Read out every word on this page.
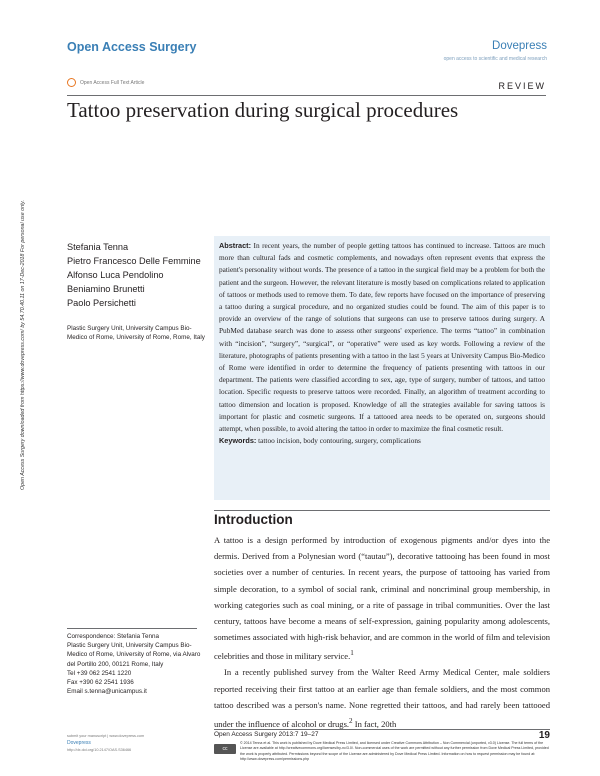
Open Access Surgery	Dovepress
open access to scientific and medical research
Open Access Full Text Article	REVIEW
Tattoo preservation during surgical procedures
Open Access Surgery downloaded from https://www.dovepress.com/ by 54.70.40.11 on 17-Dec-2018 For personal use only.	Stefania Tenna
Pietro Francesco Delle Femmine
Alfonso Luca Pendolino
Beniamino Brunetti
Paolo Persichetti
Plastic Surgery Unit, University Campus Bio-Medico of Rome, University of Rome, Rome, Italy
Abstract: In recent years, the number of people getting tattoos has continued to increase. Tattoos are much more than cultural fads and cosmetic complements, and nowadays often represent events that express the patient's personality without words. The presence of a tattoo in the surgical field may be a problem for both the patient and the surgeon. However, the relevant literature is mostly based on complications related to application of tattoos or methods used to remove them. To date, few reports have focused on the importance of preserving a tattoo during a surgical procedure, and no organized studies could be found. The aim of this paper is to provide an overview of the range of solutions that surgeons can use to preserve tattoos during surgery. A PubMed database search was done to assess other surgeons' experience. The terms “tattoo” in combination with “incision”, “surgery”, “surgical”, or “operative” were used as key words. Following a review of the literature, photographs of patients presenting with a tattoo in the last 5 years at University Campus Bio-Medico of Rome were identified in order to determine the frequency of patients presenting with tattoos in our department. The patients were classified according to sex, age, type of surgery, number of tattoos, and tattoo location. Specific requests to preserve tattoos were recorded. Finally, an algorithm of treatment according to tattoo dimension and location is proposed. Knowledge of all the strategies available for saving tattoos is important for plastic and cosmetic surgeons. If a tattooed area needs to be operated on, surgeons should attempt, when possible, to avoid altering the tattoo in order to maximize the final cosmetic result.
Keywords: tattoo incision, body contouring, surgery, complications
Introduction

A tattoo is a design performed by introduction of exogenous pigments and/or dyes into the dermis. Derived from a Polynesian word (“tautau”), decorative tattooing has been found in most societies over a number of centuries. In recent years, the purpose of tattooing has varied from simple decoration, to a symbol of social rank, criminal and noncriminal group membership, in working categories such as coal mining, or a rite of passage in tribal communities. Over the last century, tattoos have become a means of self-expression, gaining popularity among adolescents, sometimes associated with high-risk behavior, and are common in the world of film and television celebrities and those in military service.$^1$

In a recently published survey from the Walter Reed Army Medical Center, male soldiers reported receiving their first tattoo at an earlier age than female soldiers, and the most common tattoo described was a person's name. None regretted their tattoos, and had rarely been tattooed under the influence of alcohol or drugs.$^2$ In fact, 20th

Correspondence: Stefania Tenna
Plastic Surgery Unit, University Campus Bio-Medico of Rome, University of Rome, via Alvaro del Portillo 200, 00121 Rome, Italy
Tel +39 062 2541 1220
Fax +390 62 2541 1936
Email s.tenna@unicampus.it
Open Access Surgery 2013:7 19–27	19
submit your manuscript | www.dovepress.com
Dovepress
http://dx.doi.org/10.2147/OAS.S36466	cc
© 2014 Tenna et al. This work is published by Dove Medical Press Limited, and licensed under Creative Commons Attribution – Non Commercial (unported, v3.0) License. The full terms of the License are available at http://creativecommons.org/licenses/by-nc/3.0/. Non-commercial uses of the work are permitted without any further permission from Dove Medical Press Limited, provided the work is properly attributed. Permissions beyond the scope of the License are administered by Dove Medical Press Limited. Information on how to request permission may be found at: http://www.dovepress.com/permissions.php
